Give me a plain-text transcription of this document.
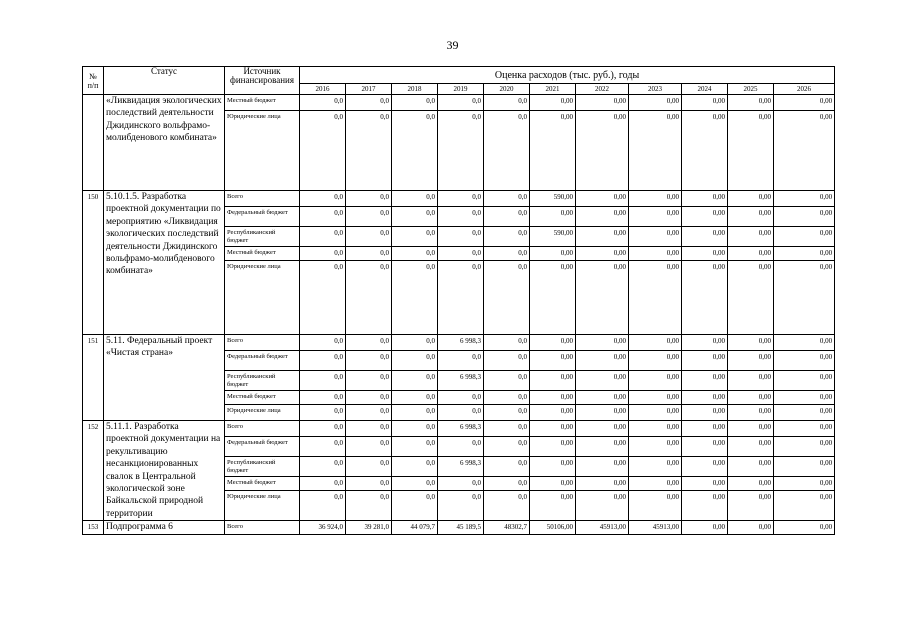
39
№ п/п	Статус	Источник финансирования	Оценка расходов (тыс. руб.), годы										
			2016	2017	2018	2019	2020	2021	2022	2023	2024	2025	2026
	«Ликвидация экологических последствий деятельности Джидинского вольфрамо-молибденового комбината»	Местный бюджет	0,0	0,0	0,0	0,0	0,0	0,00	0,00	0,00	0,00	0,00	0,00
		Юридические лица	0,0	0,0	0,0	0,0	0,0	0,00	0,00	0,00	0,00	0,00	0,00
150	5.10.1.5. Разработка проектной документации по мероприятию «Ликвидация экологических последствий деятельности Джидинского вольфрамо-молибденового комбината»	Всего	0,0	0,0	0,0	0,0	0,0	590,00	0,00	0,00	0,00	0,00	0,00
		Федеральный бюджет	0,0	0,0	0,0	0,0	0,0	0,00	0,00	0,00	0,00	0,00	0,00
		Республиканский бюджет	0,0	0,0	0,0	0,0	0,0	590,00	0,00	0,00	0,00	0,00	0,00
		Местный бюджет	0,0	0,0	0,0	0,0	0,0	0,00	0,00	0,00	0,00	0,00	0,00
		Юридические лица	0,0	0,0	0,0	0,0	0,0	0,00	0,00	0,00	0,00	0,00	0,00
151	5.11. Федеральный проект «Чистая страна»	Всего	0,0	0,0	0,0	6 998,3	0,0	0,00	0,00	0,00	0,00	0,00	0,00
		Федеральный бюджет	0,0	0,0	0,0	0,0	0,0	0,00	0,00	0,00	0,00	0,00	0,00
		Республиканский бюджет	0,0	0,0	0,0	6 998,3	0,0	0,00	0,00	0,00	0,00	0,00	0,00
		Местный бюджет	0,0	0,0	0,0	0,0	0,0	0,00	0,00	0,00	0,00	0,00	0,00
		Юридические лица	0,0	0,0	0,0	0,0	0,0	0,00	0,00	0,00	0,00	0,00	0,00
152	5.11.1. Разработка проектной документации на рекультивацию несанкционированных свалок в Центральной экологической зоне Байкальской природной территории	Всего	0,0	0,0	0,0	6 998,3	0,0	0,00	0,00	0,00	0,00	0,00	0,00
		Федеральный бюджет	0,0	0,0	0,0	0,0	0,0	0,00	0,00	0,00	0,00	0,00	0,00
		Республиканский бюджет	0,0	0,0	0,0	6 998,3	0,0	0,00	0,00	0,00	0,00	0,00	0,00
		Местный бюджет	0,0	0,0	0,0	0,0	0,0	0,00	0,00	0,00	0,00	0,00	0,00
		Юридические лица	0,0	0,0	0,0	0,0	0,0	0,00	0,00	0,00	0,00	0,00	0,00
153	Подпрограмма 6	Всего	36 924,0	39 281,0	44 079,7	45 189,5	48302,7	50106,00	45913,00	45913,00	0,00	0,00	0,00
